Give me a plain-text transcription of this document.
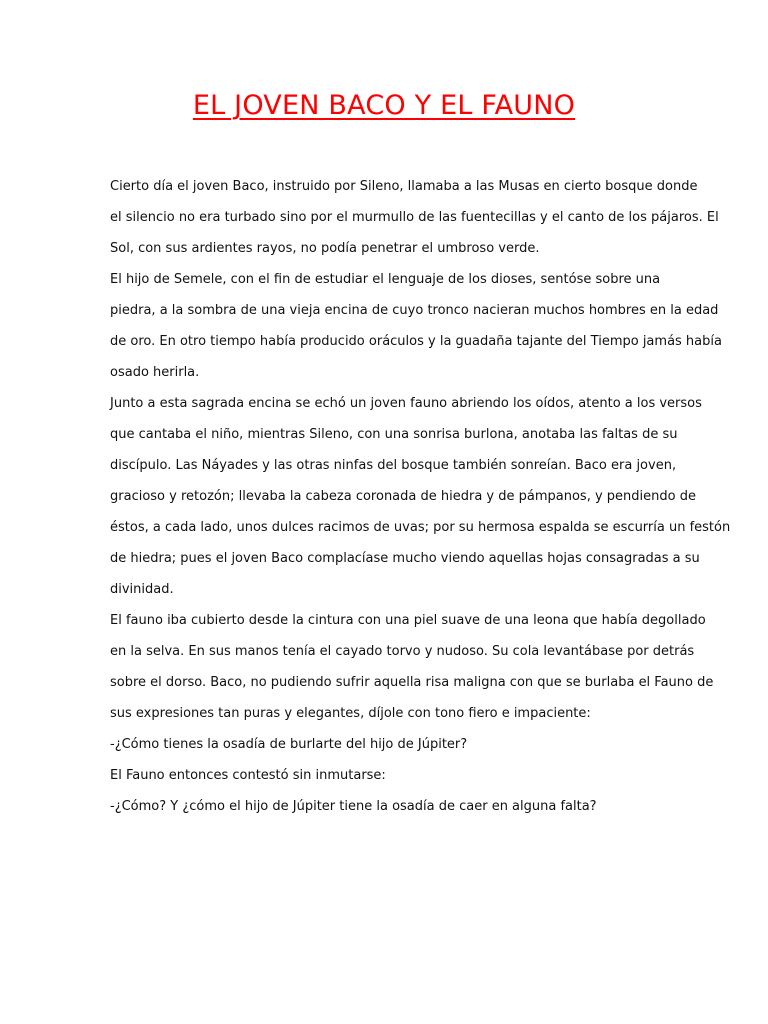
EL JOVEN BACO Y EL FAUNO
Cierto día el joven Baco, instruido por Sileno, llamaba a las Musas en cierto bosque donde
el silencio no era turbado sino por el murmullo de las fuentecillas y el canto de los pájaros. El
Sol, con sus ardientes rayos, no podía penetrar el umbroso verde.
El hijo de Semele, con el fin de estudiar el lenguaje de los dioses, sentóse sobre una
piedra, a la sombra de una vieja encina de cuyo tronco nacieran muchos hombres en la edad
de oro. En otro tiempo había producido oráculos y la guadaña tajante del Tiempo jamás había
osado herirla.
Junto a esta sagrada encina se echó un joven fauno abriendo los oídos, atento a los versos
que cantaba el niño, mientras Sileno, con una sonrisa burlona, anotaba las faltas de su
discípulo. Las Náyades y las otras ninfas del bosque también sonreían. Baco era joven,
gracioso y retozón; llevaba la cabeza coronada de hiedra y de pámpanos, y pendiendo de
éstos, a cada lado, unos dulces racimos de uvas; por su hermosa espalda se escurría un festón
de hiedra; pues el joven Baco complacíase mucho viendo aquellas hojas consagradas a su
divinidad.
El fauno iba cubierto desde la cintura con una piel suave de una leona que había degollado
en la selva. En sus manos tenía el cayado torvo y nudoso. Su cola levantábase por detrás
sobre el dorso. Baco, no pudiendo sufrir aquella risa maligna con que se burlaba el Fauno de
sus expresiones tan puras y elegantes, díjole con tono fiero e impaciente:
-¿Cómo tienes la osadía de burlarte del hijo de Júpiter?
El Fauno entonces contestó sin inmutarse:
-¿Cómo? Y ¿cómo el hijo de Júpiter tiene la osadía de caer en alguna falta?
